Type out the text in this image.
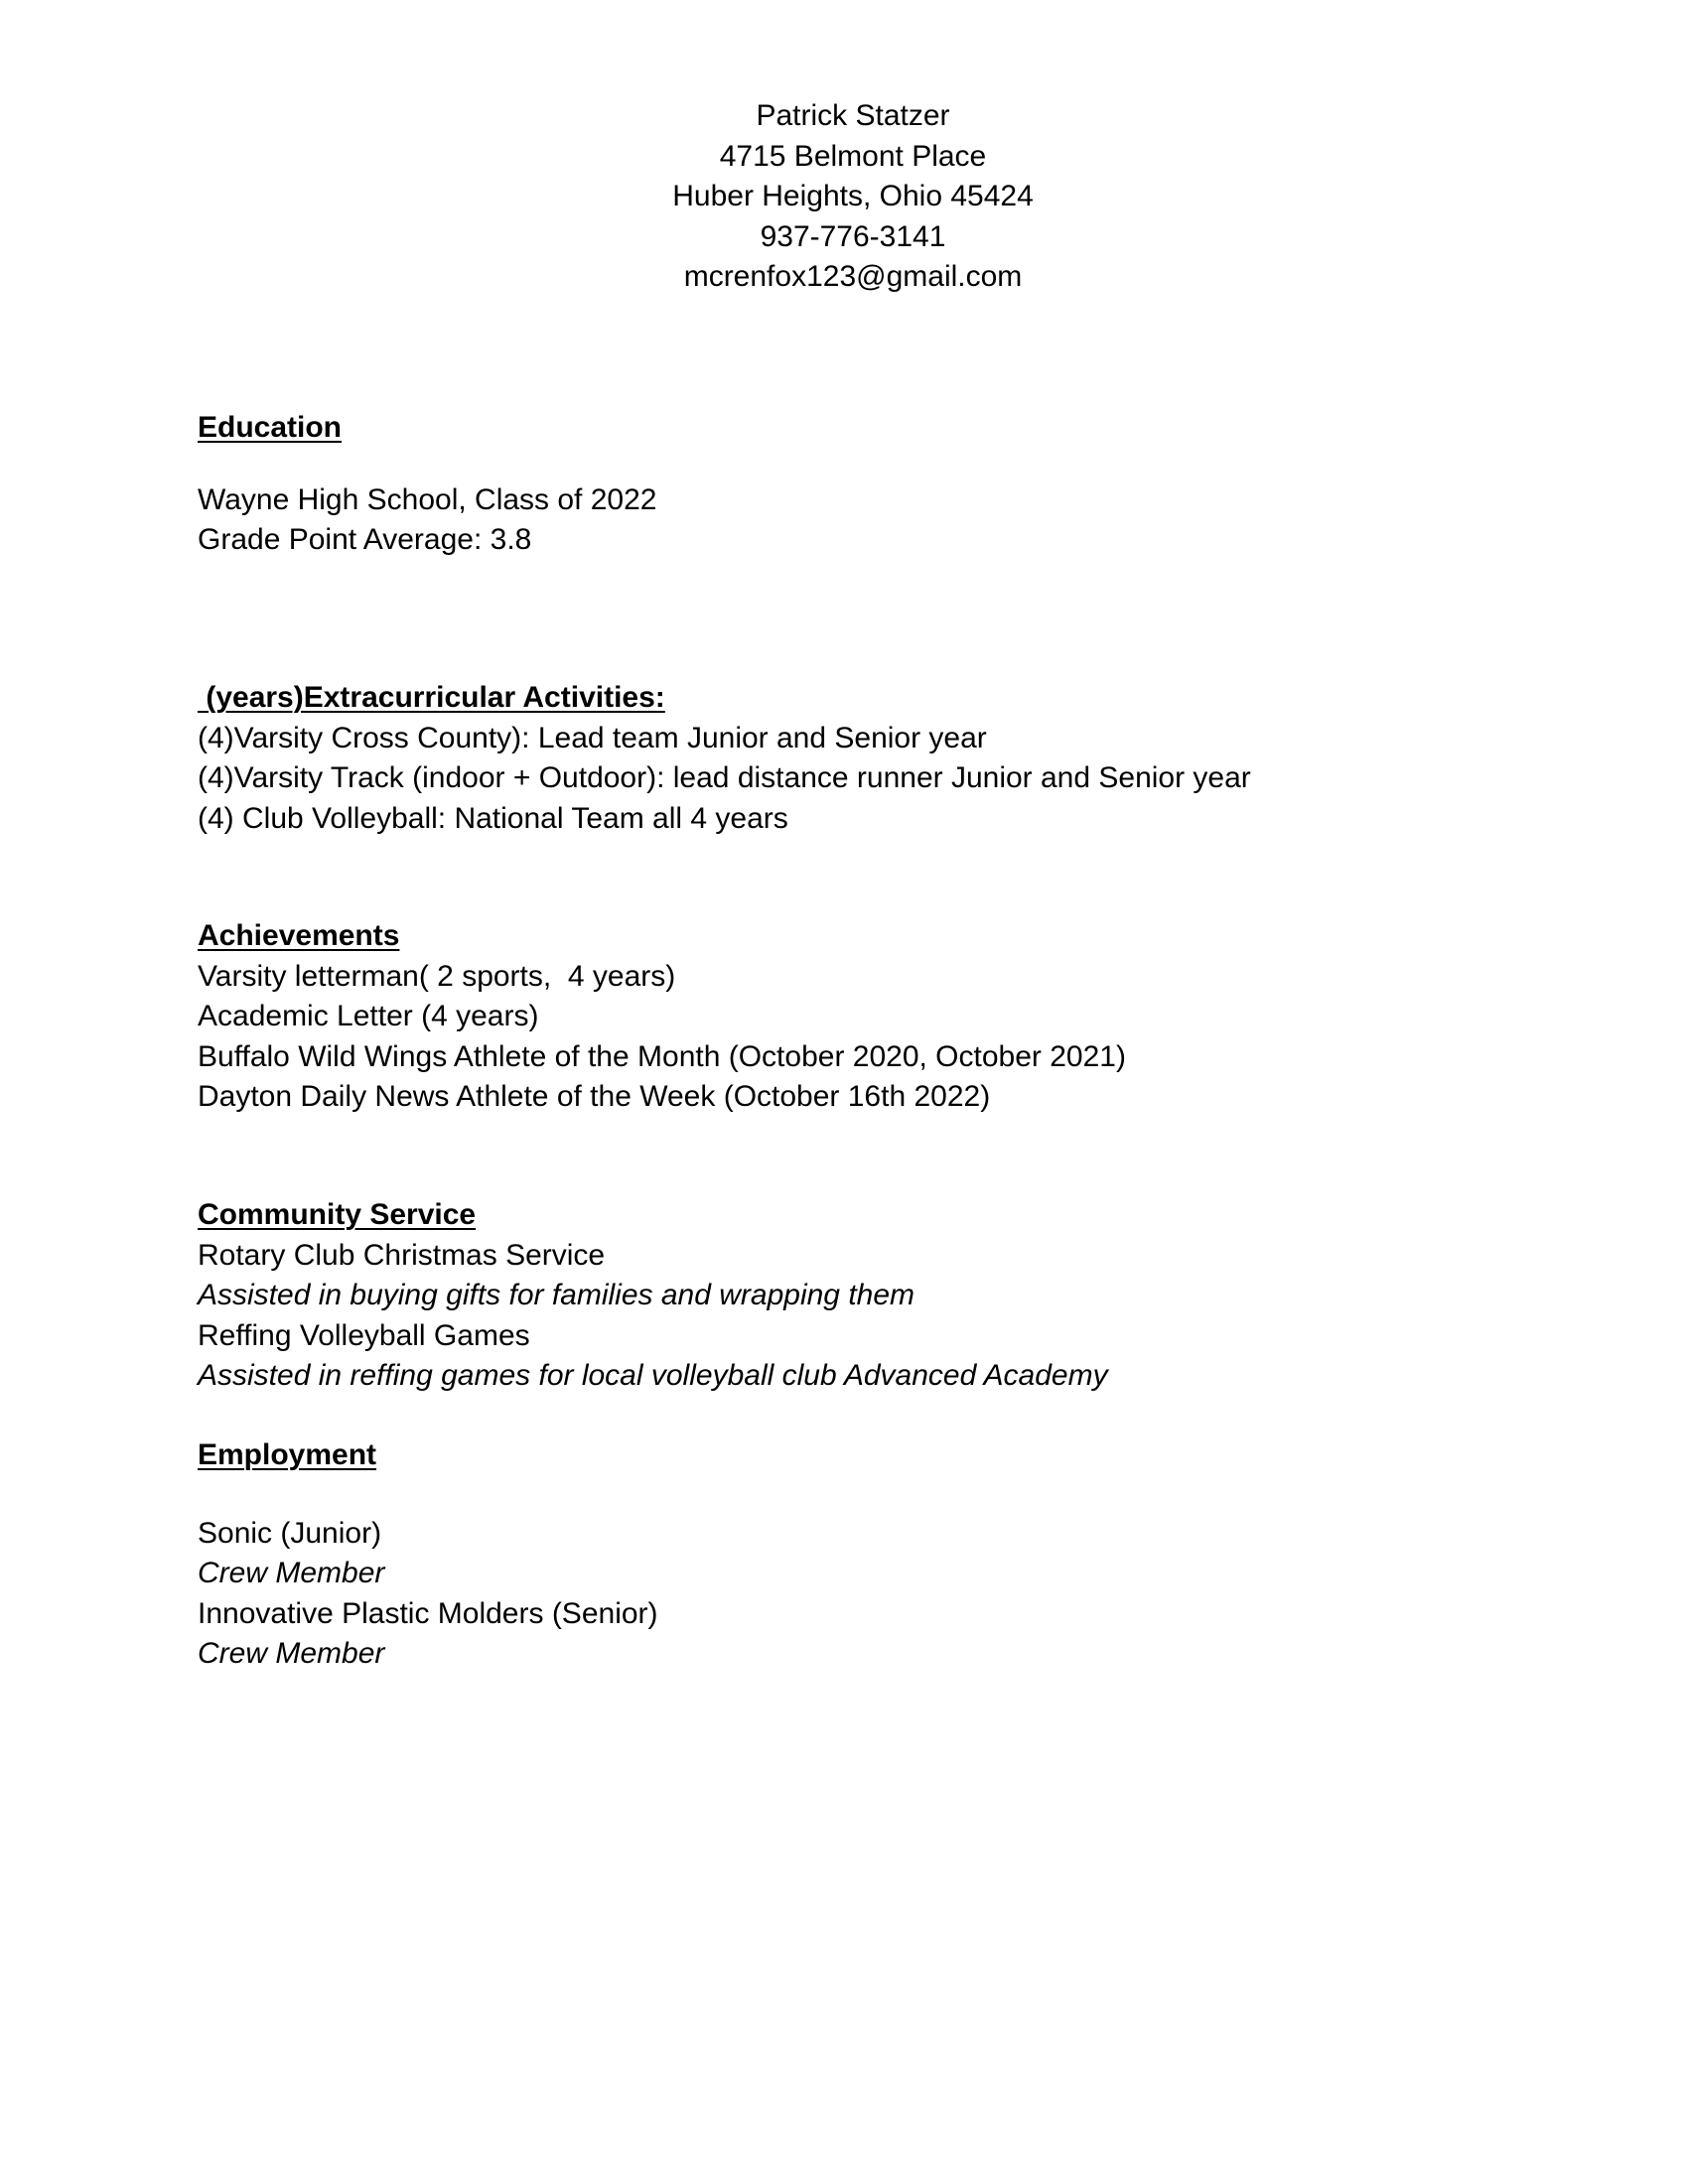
Patrick Statzer
4715 Belmont Place
Huber Heights, Ohio 45424
937-776-3141
mcrenfox123@gmail.com
Education
Wayne High School, Class of 2022
Grade Point Average: 3.8
(years)Extracurricular Activities:
(4)Varsity Cross County): Lead team Junior and Senior year
(4)Varsity Track (indoor + Outdoor): lead distance runner Junior and Senior year
(4) Club Volleyball: National Team all 4 years
Achievements
Varsity letterman( 2 sports,  4 years)
Academic Letter (4 years)
Buffalo Wild Wings Athlete of the Month (October 2020, October 2021)
Dayton Daily News Athlete of the Week (October 16th 2022)
Community Service
Rotary Club Christmas Service
Assisted in buying gifts for families and wrapping them
Reffing Volleyball Games
Assisted in reffing games for local volleyball club Advanced Academy
Employment
Sonic (Junior)
Crew Member
Innovative Plastic Molders (Senior)
Crew Member
